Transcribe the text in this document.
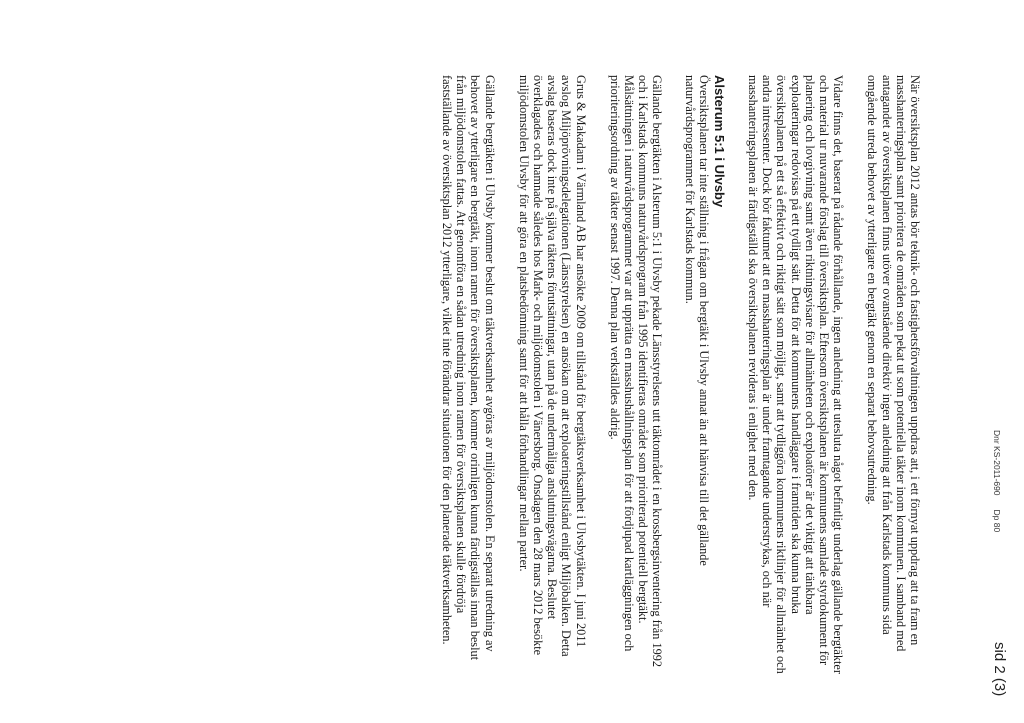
Dnr KS-2011-690Dp 80
sid 2 (3)

När översiktsplan 2012 antas bör teknik- och fastighetsförvaltningen uppdras att, i ett förnyat uppdrag att ta fram en masshanteringsplan samt prioritera de områden som pekat ut som potentiella täkter inom kommunen. I samband med antagandet av översiktsplanen finns utöver ovanstående direktiv ingen anledning att från Karlstads kommuns sida omgående utreda behovet av ytterligare en bergtäkt genom en separat behovsutredning.

Vidare finns det, baserat på rådande förhållande, ingen anledning att utesluta något befintligt underlag gällande bergtäkter och material ur nuvarande förslag till översiktsplan. Eftersom översiktsplanen är kommunens samlade styrdokument för planering och lovgivning samt även riktningsvisare för allmänheten och exploatörer är det viktigt att tänkbara exploateringar redovisas på ett tydligt sätt. Detta för att kommunens handläggare i framtiden ska kunna bruka översiktsplanen på ett så effektivt och riktigt sätt som möjligt, samt att tydliggöra kommunens riktlinjer för allmänhet och andra intressenter. Dock bör faktumet att en masshanteringsplan är under framtagande understrykas, och när masshanteringsplanen är färdigställd ska översiktsplanen revideras i enlighet med den.

Alsterum 5:1 i Ulvsby

Översiktsplanen tar inte ställning i frågan om bergtäkt i Ulvsby annat än att hänvisa till det gällande naturvårdsprogrammet för Karlstads kommun.

Gällande bergtäkten i Alsterum 5:1 i Ulvsby pekade Länsstyrelsens utt täktområdet i en krossbergsinventering från 1992 och i Karlstads kommuns naturvårdsprogram från 1995 identifieras området som prioriterad potentiell bergtäkt. Målsättningen i naturvårdsprogrammet var att upprätta en masshushållningsplan för att fördjupad kartläggningen och prioriteringsordning av täkter senast 1997. Denna plan verkställdes aldrig.

Grus & Makadam i Värmland AB har ansökte 2009 om tillstånd för bergtäktsverksamhet i Ulvsbytäkten. I juni 2011 avslog Miljöprövningsdelegationen (Länsstyrelsen) en ansökan om att exploateringstillstånd enligt Miljöbalken. Detta avslag baseras dock inte på själva täktens förutsättningar, utan på de undermåliga anslutningsvägarna. Beslutet överklagades och hamnade således hos Mark- och miljödomstolen i Vänersborg. Onsdagen den 28 mars 2012 besökte miljödomstolen Ulvsby för att göra en platsbedömning samt för att hålla förhandlingar mellan parter.

Gällande bergtäkten i Ulvsby kommer beslut om täktverksamhet avgöras av miljödomstolen. En separat utredning av behovet av ytterligare en bergtäkt, inom ramen för översiktsplanen, kommer orimligen kunna färdigställas innan beslut från miljödomstolen fattas. Att genomföra en sådan utredning inom ramen för översiktsplanen skulle fördröja fastställande av översiktsplan 2012 ytterligare, vilket inte förändrar situationen för den planerade täktverksamheten.
